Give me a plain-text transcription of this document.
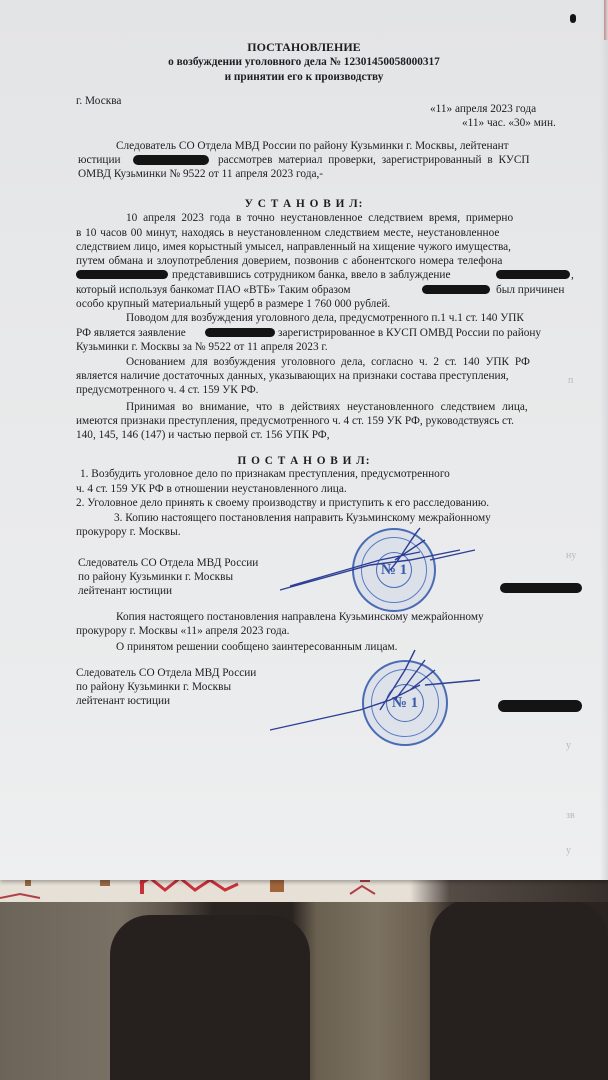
ПОСТАНОВЛЕНИЕ
о возбуждении уголовного дела № 12301450058000317
и принятии его к производству
г. Москва
«11» апреля 2023 года
«11» час. «30» мин.
Следователь СО Отдела МВД России по району Кузьминки г. Москвы, лейтенант
юстиции	рассмотрев материал проверки, зарегистрированный в КУСП
ОМВД Кузьминки № 9522 от 11 апреля 2023 года,-
У С Т А Н О В И Л:
10 апреля 2023 года в точно неустановленное следствием время, примерно
в 10 часов 00 минут, находясь в неустановленном следствием месте, неустановленное
следствием лицо, имея корыстный умысел, направленный на хищение чужого имущества,
путем обмана и злоупотребления доверием, позвонив с абонентского номера телефона
представившись сотрудником банка, ввело в заблуждение	,
который используя банкомат ПАО «ВТБ» Таким образом	был причинен
особо крупный материальный ущерб в размере 1 760 000 рублей.
Поводом для возбуждения уголовного дела, предусмотренного п.1 ч.1 ст. 140 УПК
РФ является заявление	зарегистрированное в КУСП ОМВД России по району
Кузьминки г. Москвы за № 9522 от 11 апреля 2023 г.
Основанием для возбуждения уголовного дела, согласно ч. 2 ст. 140 УПК РФ
является наличие достаточных данных, указывающих на признаки состава преступления,
предусмотренного ч. 4 ст. 159 УК РФ.
Принимая во внимание, что в действиях неустановленного следствием лица,
имеются признаки преступления, предусмотренного ч. 4 ст. 159 УК РФ, руководствуясь ст.
140, 145, 146 (147) и частью первой ст. 156 УПК РФ,
П О С Т А Н О В И Л:
1. Возбудить уголовное дело по признакам преступления, предусмотренного
ч. 4 ст. 159 УК РФ в отношении неустановленного лица.
2. Уголовное дело принять к своему производству и приступить к его расследованию.
3. Копию настоящего постановления направить Кузьминскому межрайонному
прокурору г. Москвы.
Следователь СО Отдела МВД России
по району Кузьминки г. Москвы
лейтенант юстиции
№ 1
Копия настоящего постановления направлена Кузьминскому межрайонному
прокурору г. Москвы «11» апреля 2023 года.
О принятом решении сообщено заинтересованным лицам.
Следователь СО Отдела МВД России
по району Кузьминки г. Москвы
лейтенант юстиции	№ 1
п
ну
у
зв
у
